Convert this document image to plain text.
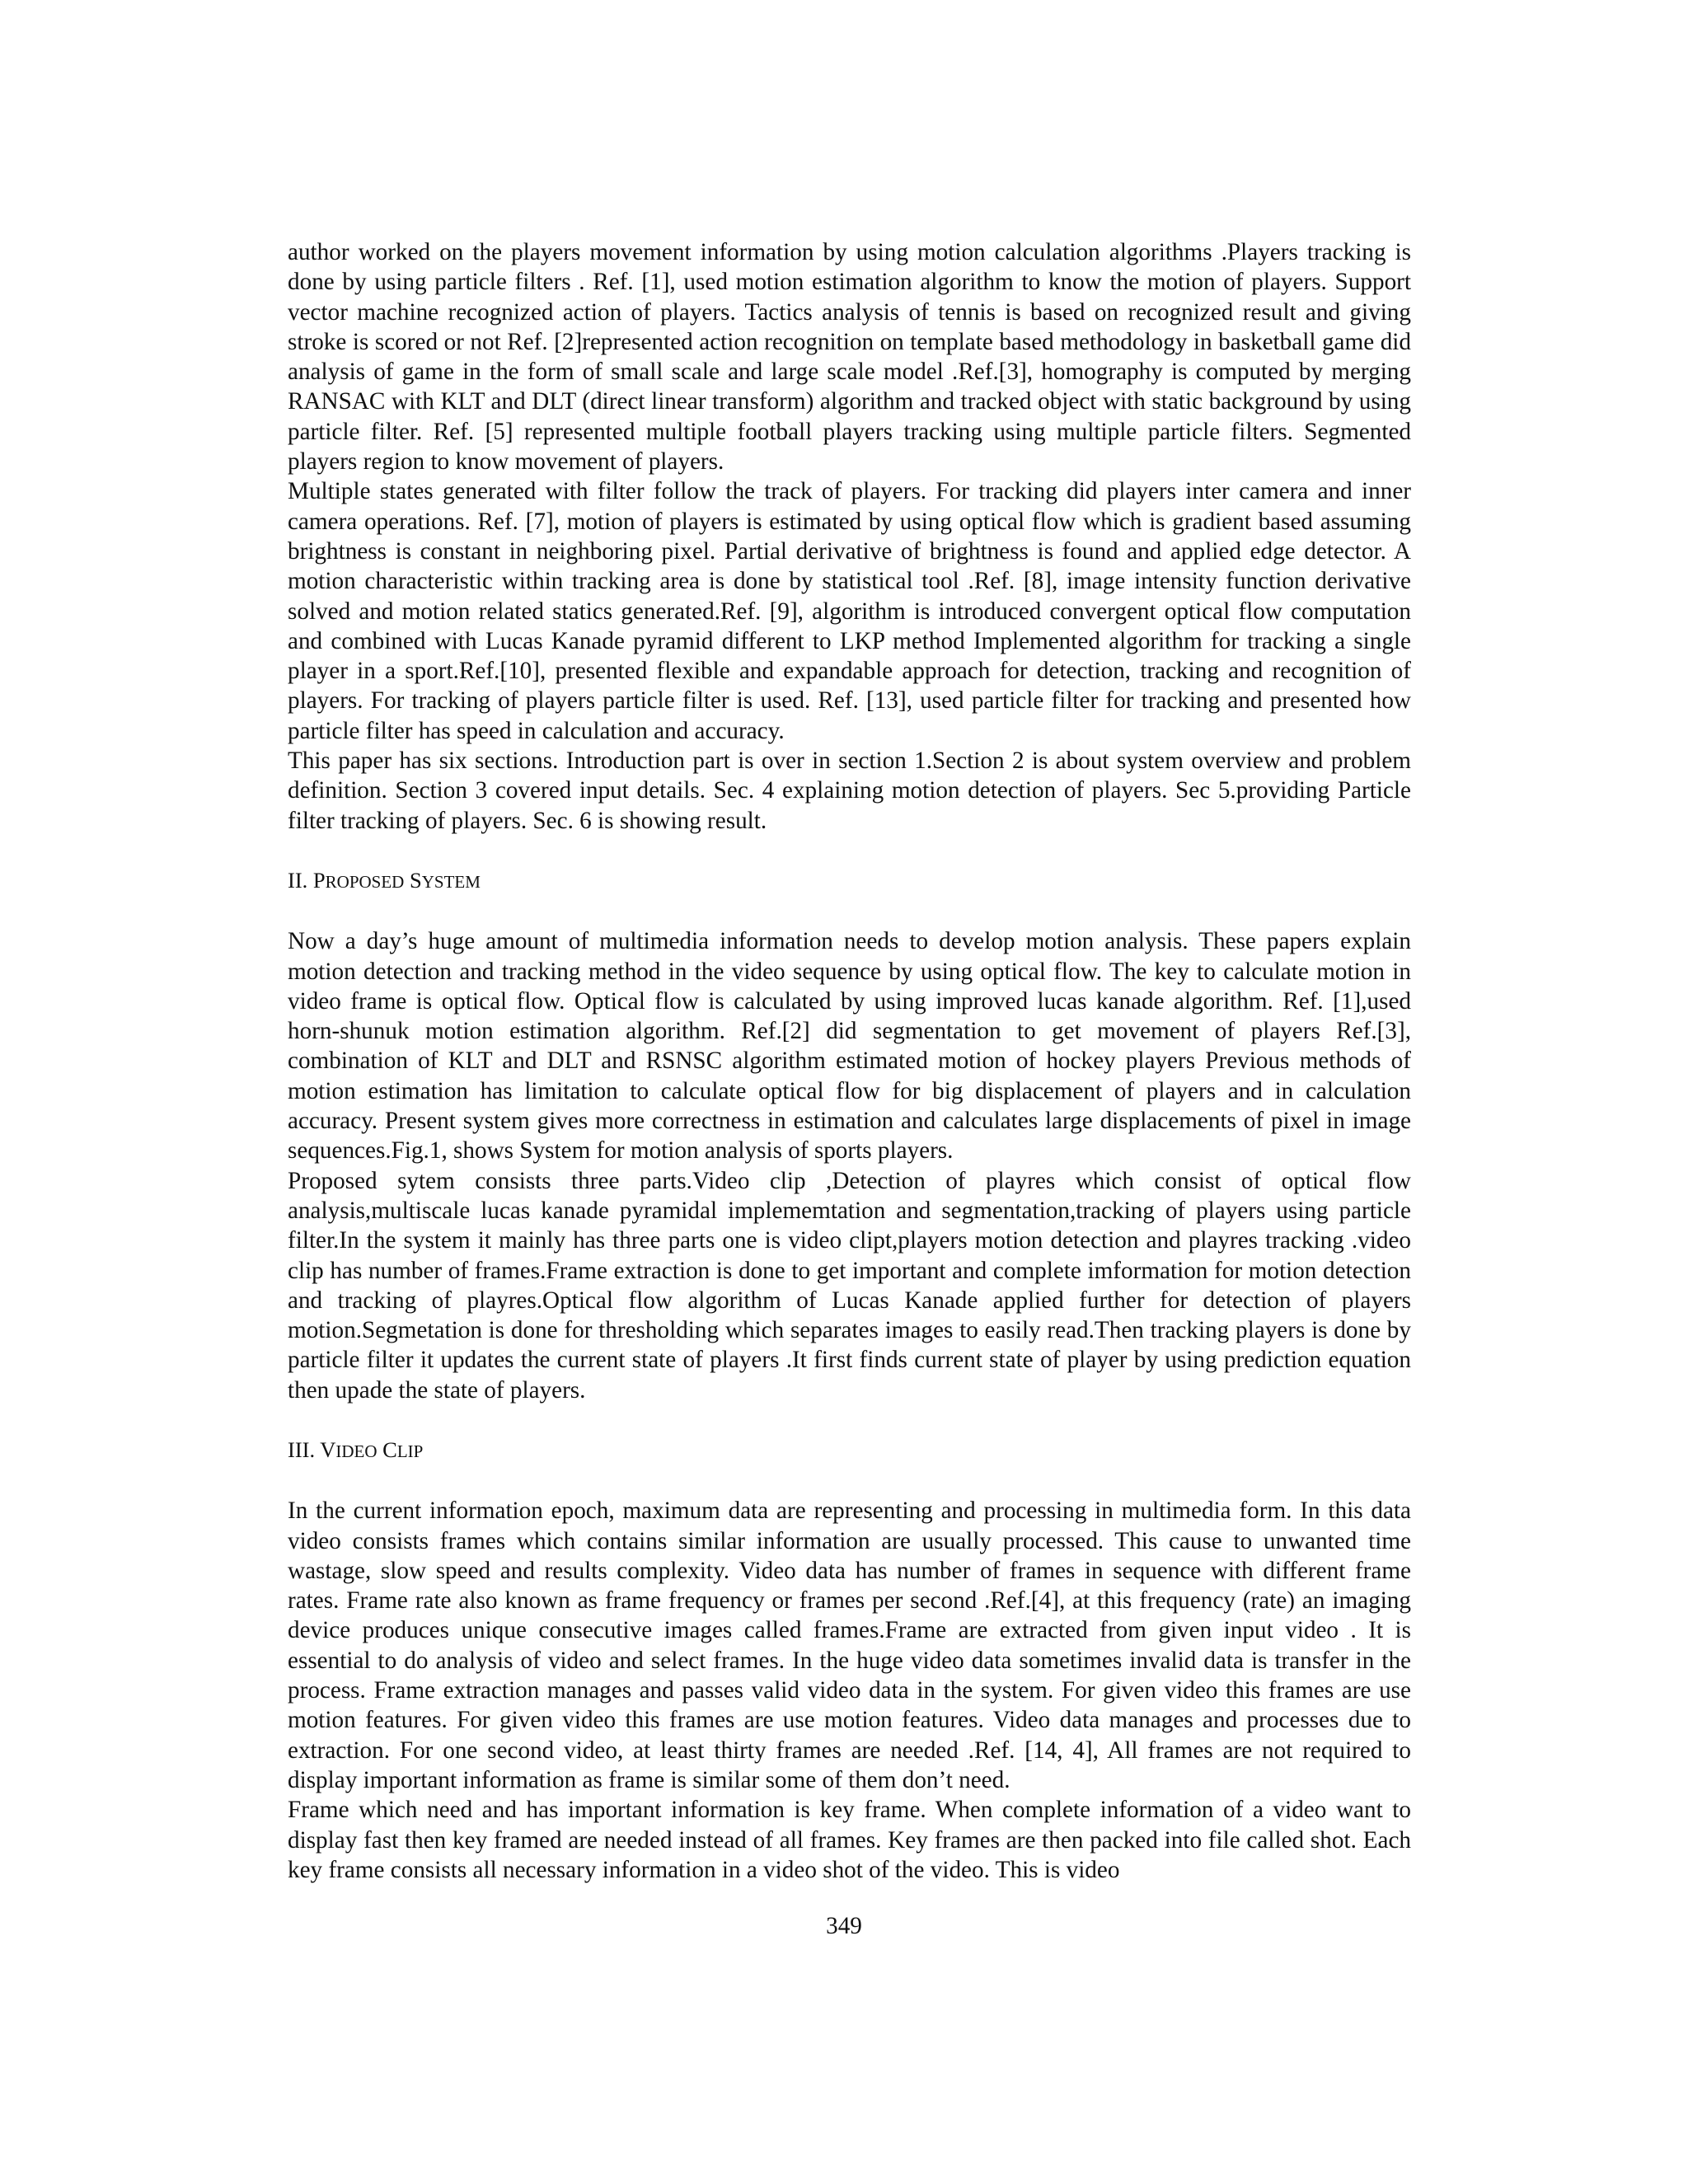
author worked on the players movement information by using motion calculation algorithms .Players tracking is done by using particle filters . Ref. [1], used motion estimation algorithm to know the motion of players. Support vector machine recognized action of players. Tactics analysis of tennis is based on recognized result and giving stroke is scored or not Ref. [2]represented action recognition on template based methodology in basketball game did analysis of game in the form of small scale and large scale model .Ref.[3], homography is computed by merging RANSAC with KLT and DLT (direct linear transform) algorithm and tracked object with static background by using particle filter. Ref. [5] represented multiple football players tracking using multiple particle filters. Segmented players region to know movement of players.

Multiple states generated with filter follow the track of players. For tracking did players inter camera and inner camera operations. Ref. [7], motion of players is estimated by using optical flow which is gradient based assuming brightness is constant in neighboring pixel. Partial derivative of brightness is found and applied edge detector. A motion characteristic within tracking area is done by statistical tool .Ref. [8], image intensity function derivative solved and motion related statics generated.Ref. [9], algorithm is introduced convergent optical flow computation and combined with Lucas Kanade pyramid different to LKP method Implemented algorithm for tracking a single player in a sport.Ref.[10], presented flexible and expandable approach for detection, tracking and recognition of players. For tracking of players particle filter is used. Ref. [13], used particle filter for tracking and presented how particle filter has speed in calculation and accuracy.

This paper has six sections. Introduction part is over in section 1.Section 2 is about system overview and problem definition. Section 3 covered input details. Sec. 4 explaining motion detection of players. Sec 5.providing Particle filter tracking of players. Sec. 6 is showing result.

II. PROPOSED SYSTEM

Now a day’s huge amount of multimedia information needs to develop motion analysis. These papers explain motion detection and tracking method in the video sequence by using optical flow. The key to calculate motion in video frame is optical flow. Optical flow is calculated by using improved lucas kanade algorithm. Ref. [1],used horn-shunuk motion estimation algorithm. Ref.[2] did segmentation to get movement of players Ref.[3], combination of KLT and DLT and RSNSC algorithm estimated motion of hockey players Previous methods of motion estimation has limitation to calculate optical flow for big displacement of players and in calculation accuracy. Present system gives more correctness in estimation and calculates large displacements of pixel in image sequences.Fig.1, shows System for motion analysis of sports players.

Proposed sytem consists three parts.Video clip ,Detection of playres which consist of optical flow analysis,multiscale lucas kanade pyramidal implememtation and segmentation,tracking of players using particle filter.In the system it mainly has three parts one is video clipt,players motion detection and playres tracking .video clip has number of frames.Frame extraction is done to get important and complete imformation for motion detection and tracking of playres.Optical flow algorithm of Lucas Kanade applied further for detection of players motion.Segmetation is done for thresholding which separates images to easily read.Then tracking players is done by particle filter it updates the current state of players .It first finds current state of player by using prediction equation then upade the state of players.

III. VIDEO CLIP

In the current information epoch, maximum data are representing and processing in multimedia form. In this data video consists frames which contains similar information are usually processed. This cause to unwanted time wastage, slow speed and results complexity. Video data has number of frames in sequence with different frame rates. Frame rate also known as frame frequency or frames per second .Ref.[4], at this frequency (rate) an imaging device produces unique consecutive images called frames.Frame are extracted from given input video . It is essential to do analysis of video and select frames. In the huge video data sometimes invalid data is transfer in the process. Frame extraction manages and passes valid video data in the system. For given video this frames are use motion features. For given video this frames are use motion features. Video data manages and processes due to extraction. For one second video, at least thirty frames are needed .Ref. [14, 4], All frames are not required to display important information as frame is similar some of them don’t need.

Frame which need and has important information is key frame. When complete information of a video want to display fast then key framed are needed instead of all frames. Key frames are then packed into file called shot. Each key frame consists all necessary information in a video shot of the video. This is video

349
